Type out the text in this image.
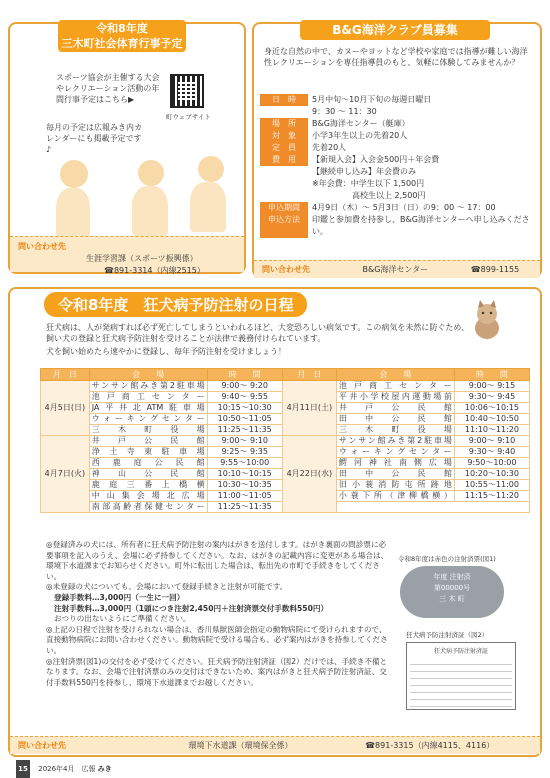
令和8年度
三木町社会体育行事予定
スポーツ協会が主催する大会やレクリエーション活動の年間行事予定はこちら▶
町ウェブサイト
毎月の予定は広報みき内カレンダーにも掲載予定です♪
問い合わせ先
生涯学習課（スポーツ振興係）
☎891-3314（内線2515）
B&G海洋クラブ員募集
身近な自然の中で、カヌーやヨットなど学校や家庭では指導が難しい海洋性レクリエーションを専任指導員のもと、気軽に体験してみませんか？
日　時	5月中旬～10月下旬の毎週日曜日
9：30 ～ 11：30
場　所	B&G海洋センター（艇庫）
対　象	小学3年生以上の先着20人
定　員	先着20人
費　用	【新規入会】入会金500円＋年会費
【継続申し込み】年会費のみ
※年会費：中学生以下 1,500円
　　　　　高校生以上 2,500円
申込期間	4月9日（木）～ 5月3日（日）の9：00 ～ 17：00
申込方法	印鑑と参加費を持参し、B&G海洋センターへ申し込みください。
問い合わせ先	B&G海洋センター	☎899-1155
令和8年度　狂犬病予防注射の日程
狂犬病は、人が発病すれば必ず死亡してしまうといわれるほど、大変恐ろしい病気です。この病気を未然に防ぐため、飼い犬の登録と狂犬病予防注射を受けることが法律で義務付けられています。
犬を飼い始めたら速やかに登録し、毎年予防注射を受けましょう！
月　日	会　　場	時　　間	月　日	会　　場	時　　間
4月5日(日)	サンサン館みき第2駐車場	9:00～ 9:20	4月11日(土)	池戸商工センター	9:00～ 9:15
	池戸商工センター	9:40～ 9:55		平井小学校屋内運動場前	9:30～ 9:45
	JA平井北ATM駐車場	10:15～10:30		井戸公民館	10:06～10:15
	ウォーキングセンター	10:50～11:05		田中公民館	10:40～10:50
	三木町役場	11:25～11:35		三木町役場	11:10～11:20
4月7日(火)	井戸公民館	9:00～ 9:10	4月22日(水)	サンサン館みき第2駐車場	9:00～ 9:10
	浄土寺東駐車場	9:25～ 9:35		ウォーキングセンター	9:30～ 9:40
	西鹿庭公民館	9:55～10:00		鰐河神社南側広場	9:50～10:00
	神山公民館	10:10～10:15		田中公民館	10:20～10:30
	鹿庭三番上橋横	10:30～10:35		旧小蓑消防屯所跡地	10:55～11:00
	中山集会場北広場	11:00～11:05		小蓑下所（津柳橋横）	11:15～11:20
	南部高齢者保健センター	11:25～11:35			

◎登録済みの犬には、所有者に狂犬病予防注射の案内はがきを送付します。はがき裏面の問診票に必要事項を記入のうえ、会場に必ず持参してください。なお、はがきの記載内容に変更がある場合は、環境下水道課までお知らせください。町外に転出した場合は、転出先の市町で手続きをしてください。

◎未登録の犬についても、会場において登録手続きと注射が可能です。

登録手数料…3,000円（一生に一回）

注射手数料…3,000円（1頭につき注射2,450円＋注射済票交付手数料550円）

おつりの出ないようにご準備ください。

◎上記の日程で注射を受けられない場合は、香川県獣医師会指定の動物病院にて受けられますので、直接動物病院にお問い合わせください。動物病院で受ける場合も、必ず案内はがきを持参してください。

◎注射済票(図1)の交付を必ず受けてください。狂犬病予防注射済証（図2）だけでは、手続き不備となります。なお、会場で注射済票のみの交付はできないため、案内はがきと狂犬病予防注射済証、交付手数料550円を持参し、環境下水道課までお越しください。

令和8年度は赤色の注射済票(図1)
年度 注射済
第00000号
三 木 町
狂犬病予防注射済証（図2）
狂犬病予防注射済証
問い合わせ先	環境下水道課（環境保全係）	☎891-3315（内線4115、4116）
15 2026年4月　広報 みき
